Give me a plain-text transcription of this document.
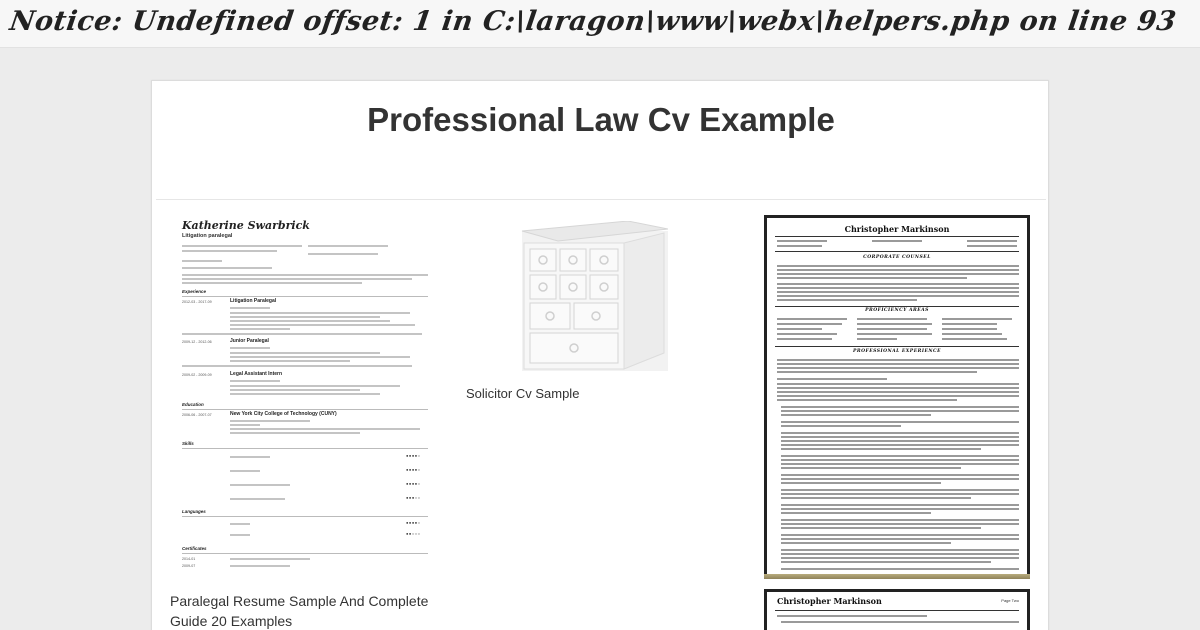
Notice: Undefined offset: 1 in C:\laragon\www\webx\helpers.php on line 93
Professional Law Cv Example
Katherine Swarbrick
Litigation paralegal
Experience
2012-03 - 2017-09	Litigation Paralegal
2009-12 - 2012-06	Junior Paralegal
2009-02 - 2009-09	Legal Assistant Intern
Education
2006-06 - 2007-07	New York City College of Technology (CUNY)
Skills
●●●●○
●●●●○
●●●●○
●●●○○
Languages
●●●●○
●●○○○
Certificates
2014-01
2009-07
Paralegal Resume Sample And Complete Guide 20 Examples
Solicitor Cv Sample
Christopher Markinson
CORPORATE COUNSEL
PROFICIENCY AREAS
PROFESSIONAL EXPERIENCE
Christopher Markinson	Page Two
